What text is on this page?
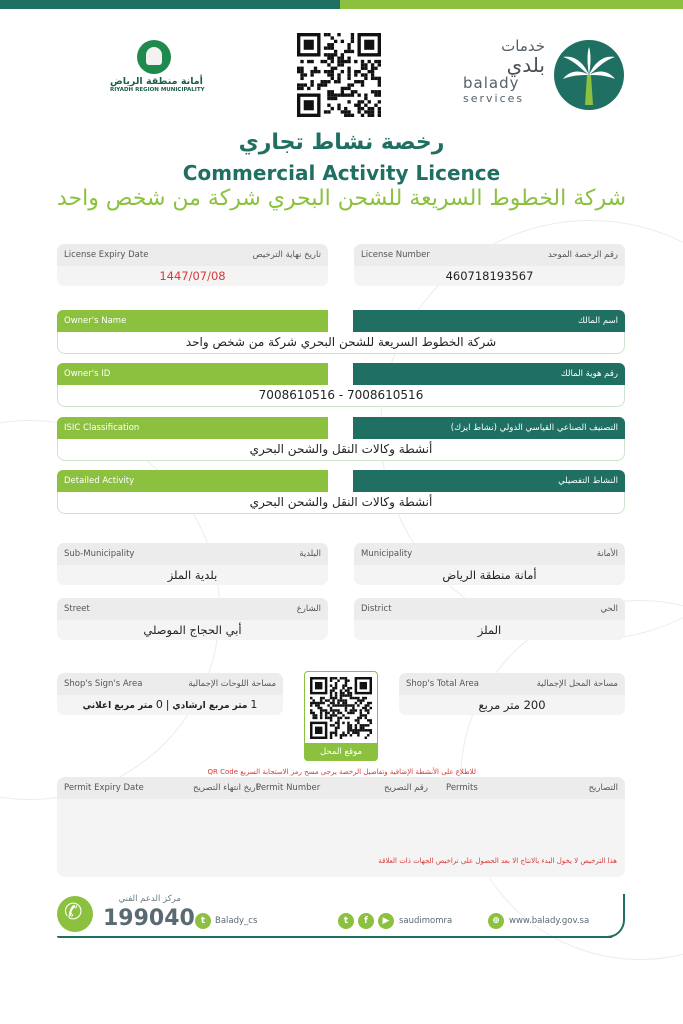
أمانة منطقة الرياض
RIYADH REGION MUNICIPALITY
خدمات
بلدي
balady
services
رخصة نشاط تجاري
Commercial Activity Licence
شركة الخطوط السريعة للشحن البحري شركة من شخص واحد
License Expiry Date	تاريخ نهاية الترخيص
1447/07/08
License Number	رقم الرخصة الموحد
460718193567
Owner's Name	اسم المالك
شركة الخطوط السريعة للشحن البحري شركة من شخص واحد
Owner's ID	رقم هوية المالك
7008610516 - 7008610516
ISIC Classification	التصنيف الصناعي القياسي الدولي (نشاط ايزك)
أنشطة وكالات النقل والشحن البحري
Detailed Activity	النشاط التفصيلي
أنشطة وكالات النقل والشحن البحري
Sub-Municipality	البلدية
بلدية الملز
Municipality	الأمانة
أمانة منطقة الرياض
Street	الشارع
أبي الحجاج الموصلي
District	الحي
الملز
Shop's Sign's Area	مساحة اللوحات الإجمالية
1 متر مربع ارشادي | 0 متر مربع اعلاني
Shop's Total Area	مساحة المحل الإجمالية
200 متر مربع
موقع المحل
للاطلاع على الأنشطة الإضافية وتفاصيل الرخصة يرجى مسح رمز الاستجابة السريع QR Code
Permit Expiry Date	تاريخ انتهاء التصريح
Permit Number	رقم التصريح Permits	التصاريح
هذا الترخيص لا يخول البدء بالانتاج الا بعد الحصول على تراخيص الجهات ذات العلاقة
✆
مركز الدعم الفني
199040 t	Balady_cs	t	f	▶	saudimomra	⊕	www.balady.gov.sa
